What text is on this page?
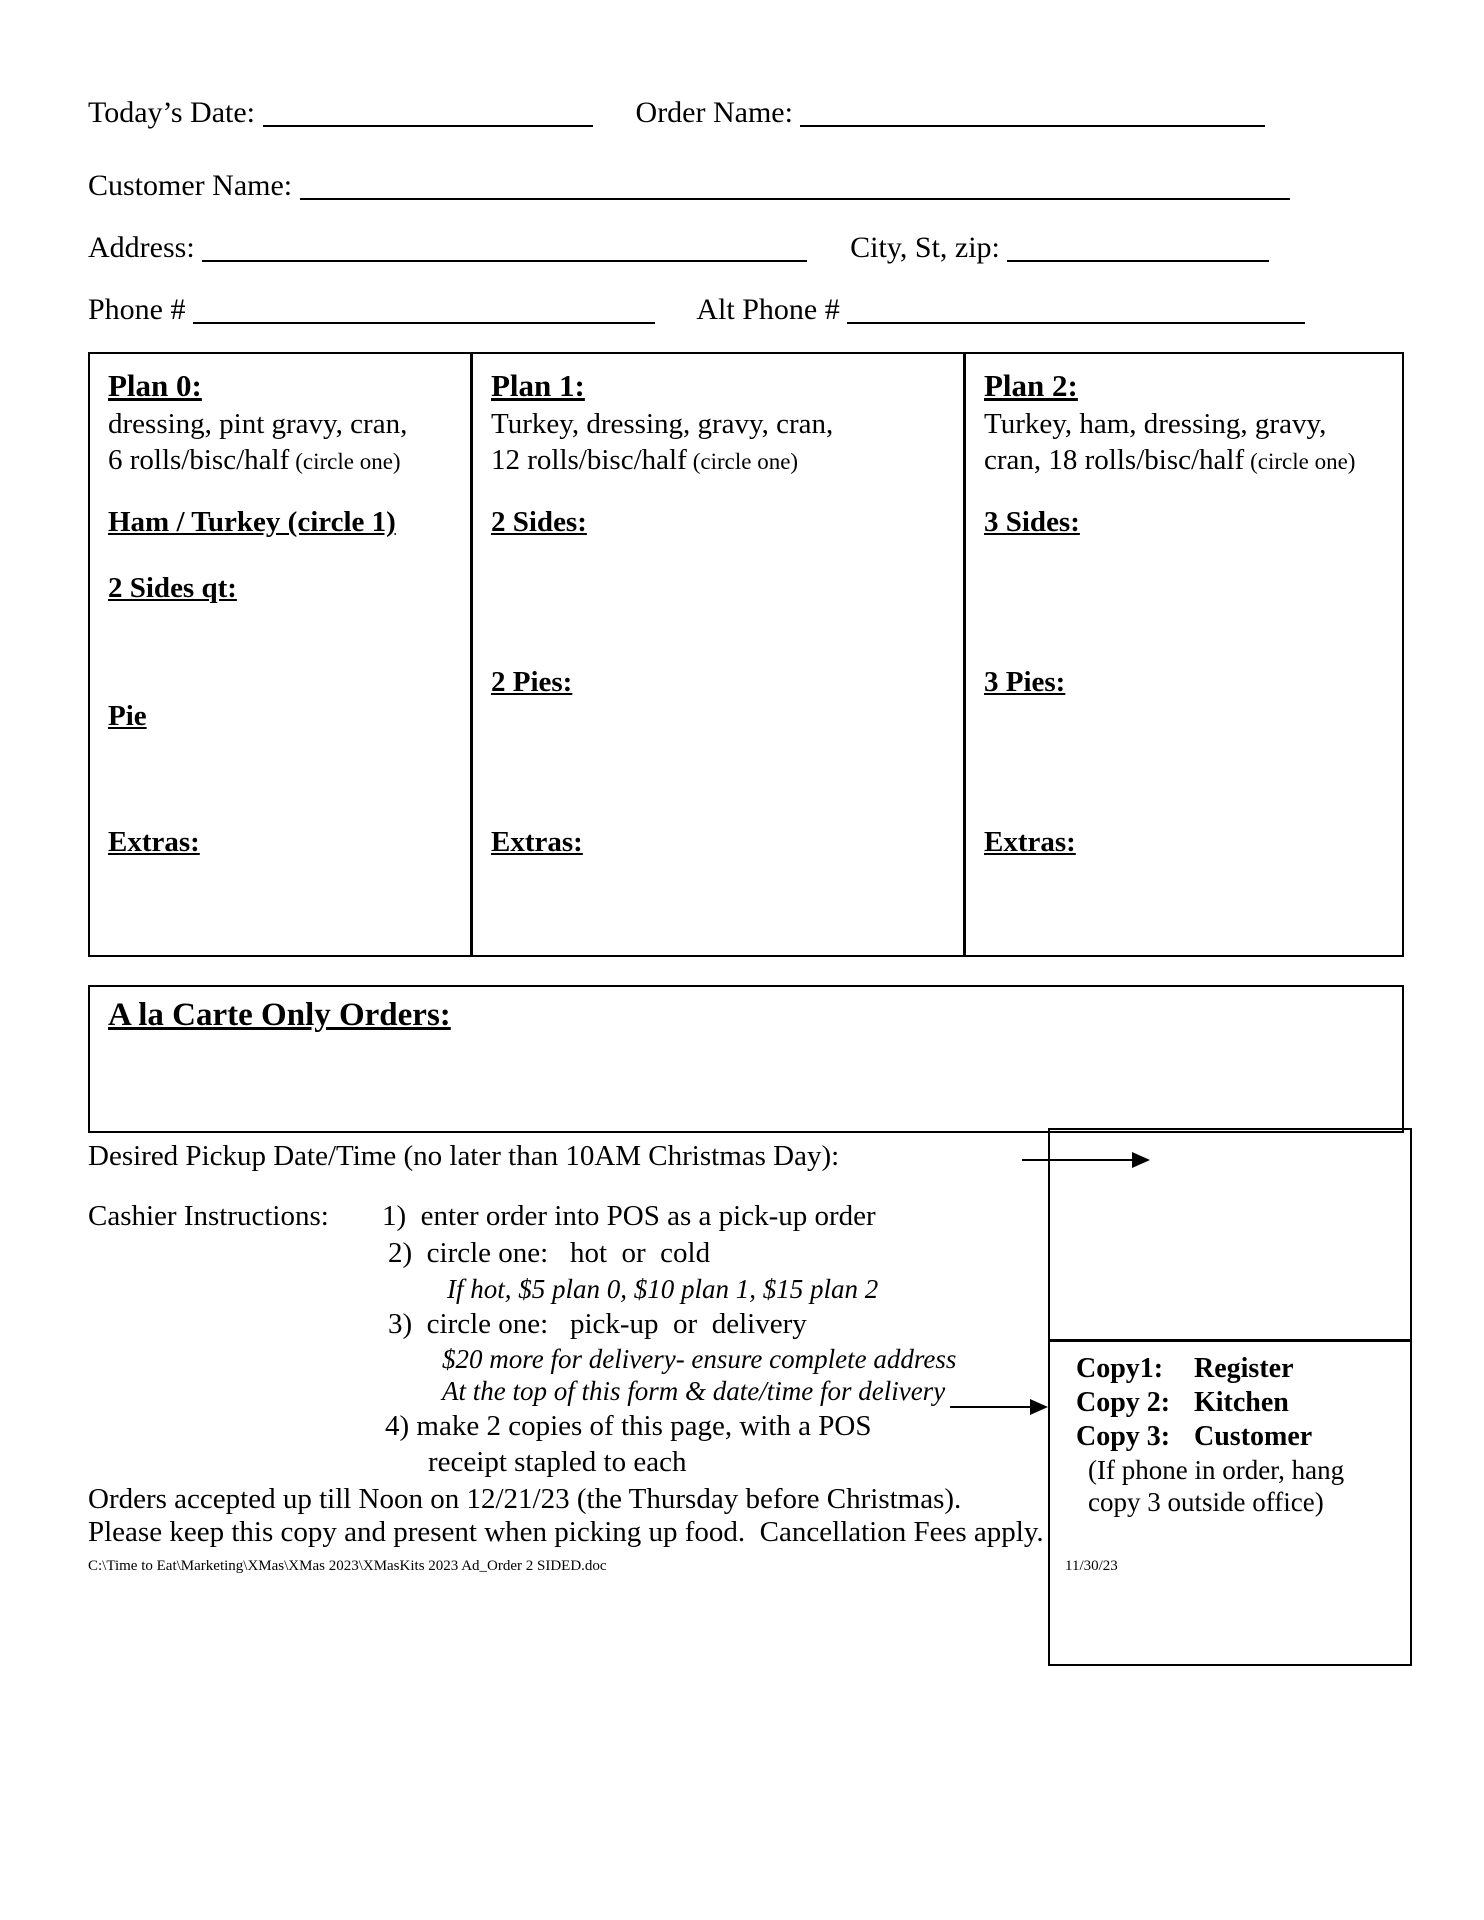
Today’s Date:	Order Name:
Customer Name:
Address:	City, St, zip:
Phone #	Alt Phone #
Plan 0:
dressing, pint gravy, cran,
6 rolls/bisc/half (circle one)
Ham / Turkey (circle 1)
2 Sides qt:
Pie
Extras:
Plan 1:
Turkey, dressing, gravy, cran,
12 rolls/bisc/half (circle one)
2 Sides:
2 Pies:
Extras:
Plan 2:
Turkey, ham, dressing, gravy,
cran, 18 rolls/bisc/half (circle one)
3 Sides:
3 Pies:
Extras:
A la Carte Only Orders:
Copy1:	Register
Copy 2: Kitchen
Copy 3: Customer
(If phone in order, hang
copy 3 outside office)
Desired Pickup Date/Time (no later than 10AM Christmas Day):
Cashier Instructions: 1)  enter order into POS as a pick-up order
2)  circle one:   hot  or  cold
If hot, $5 plan 0, $10 plan 1, $15 plan 2
3)  circle one:   pick-up  or  delivery
$20 more for delivery- ensure complete address
At the top of this form & date/time for delivery
4) make 2 copies of this page, with a POS
receipt stapled to each
Orders accepted up till Noon on 12/21/23 (the Thursday before Christmas).
Please keep this copy and present when picking up food.  Cancellation Fees apply.
C:\Time to Eat\Marketing\XMas\XMas 2023\XMasKits 2023 Ad_Order 2 SIDED.doc	11/30/23
